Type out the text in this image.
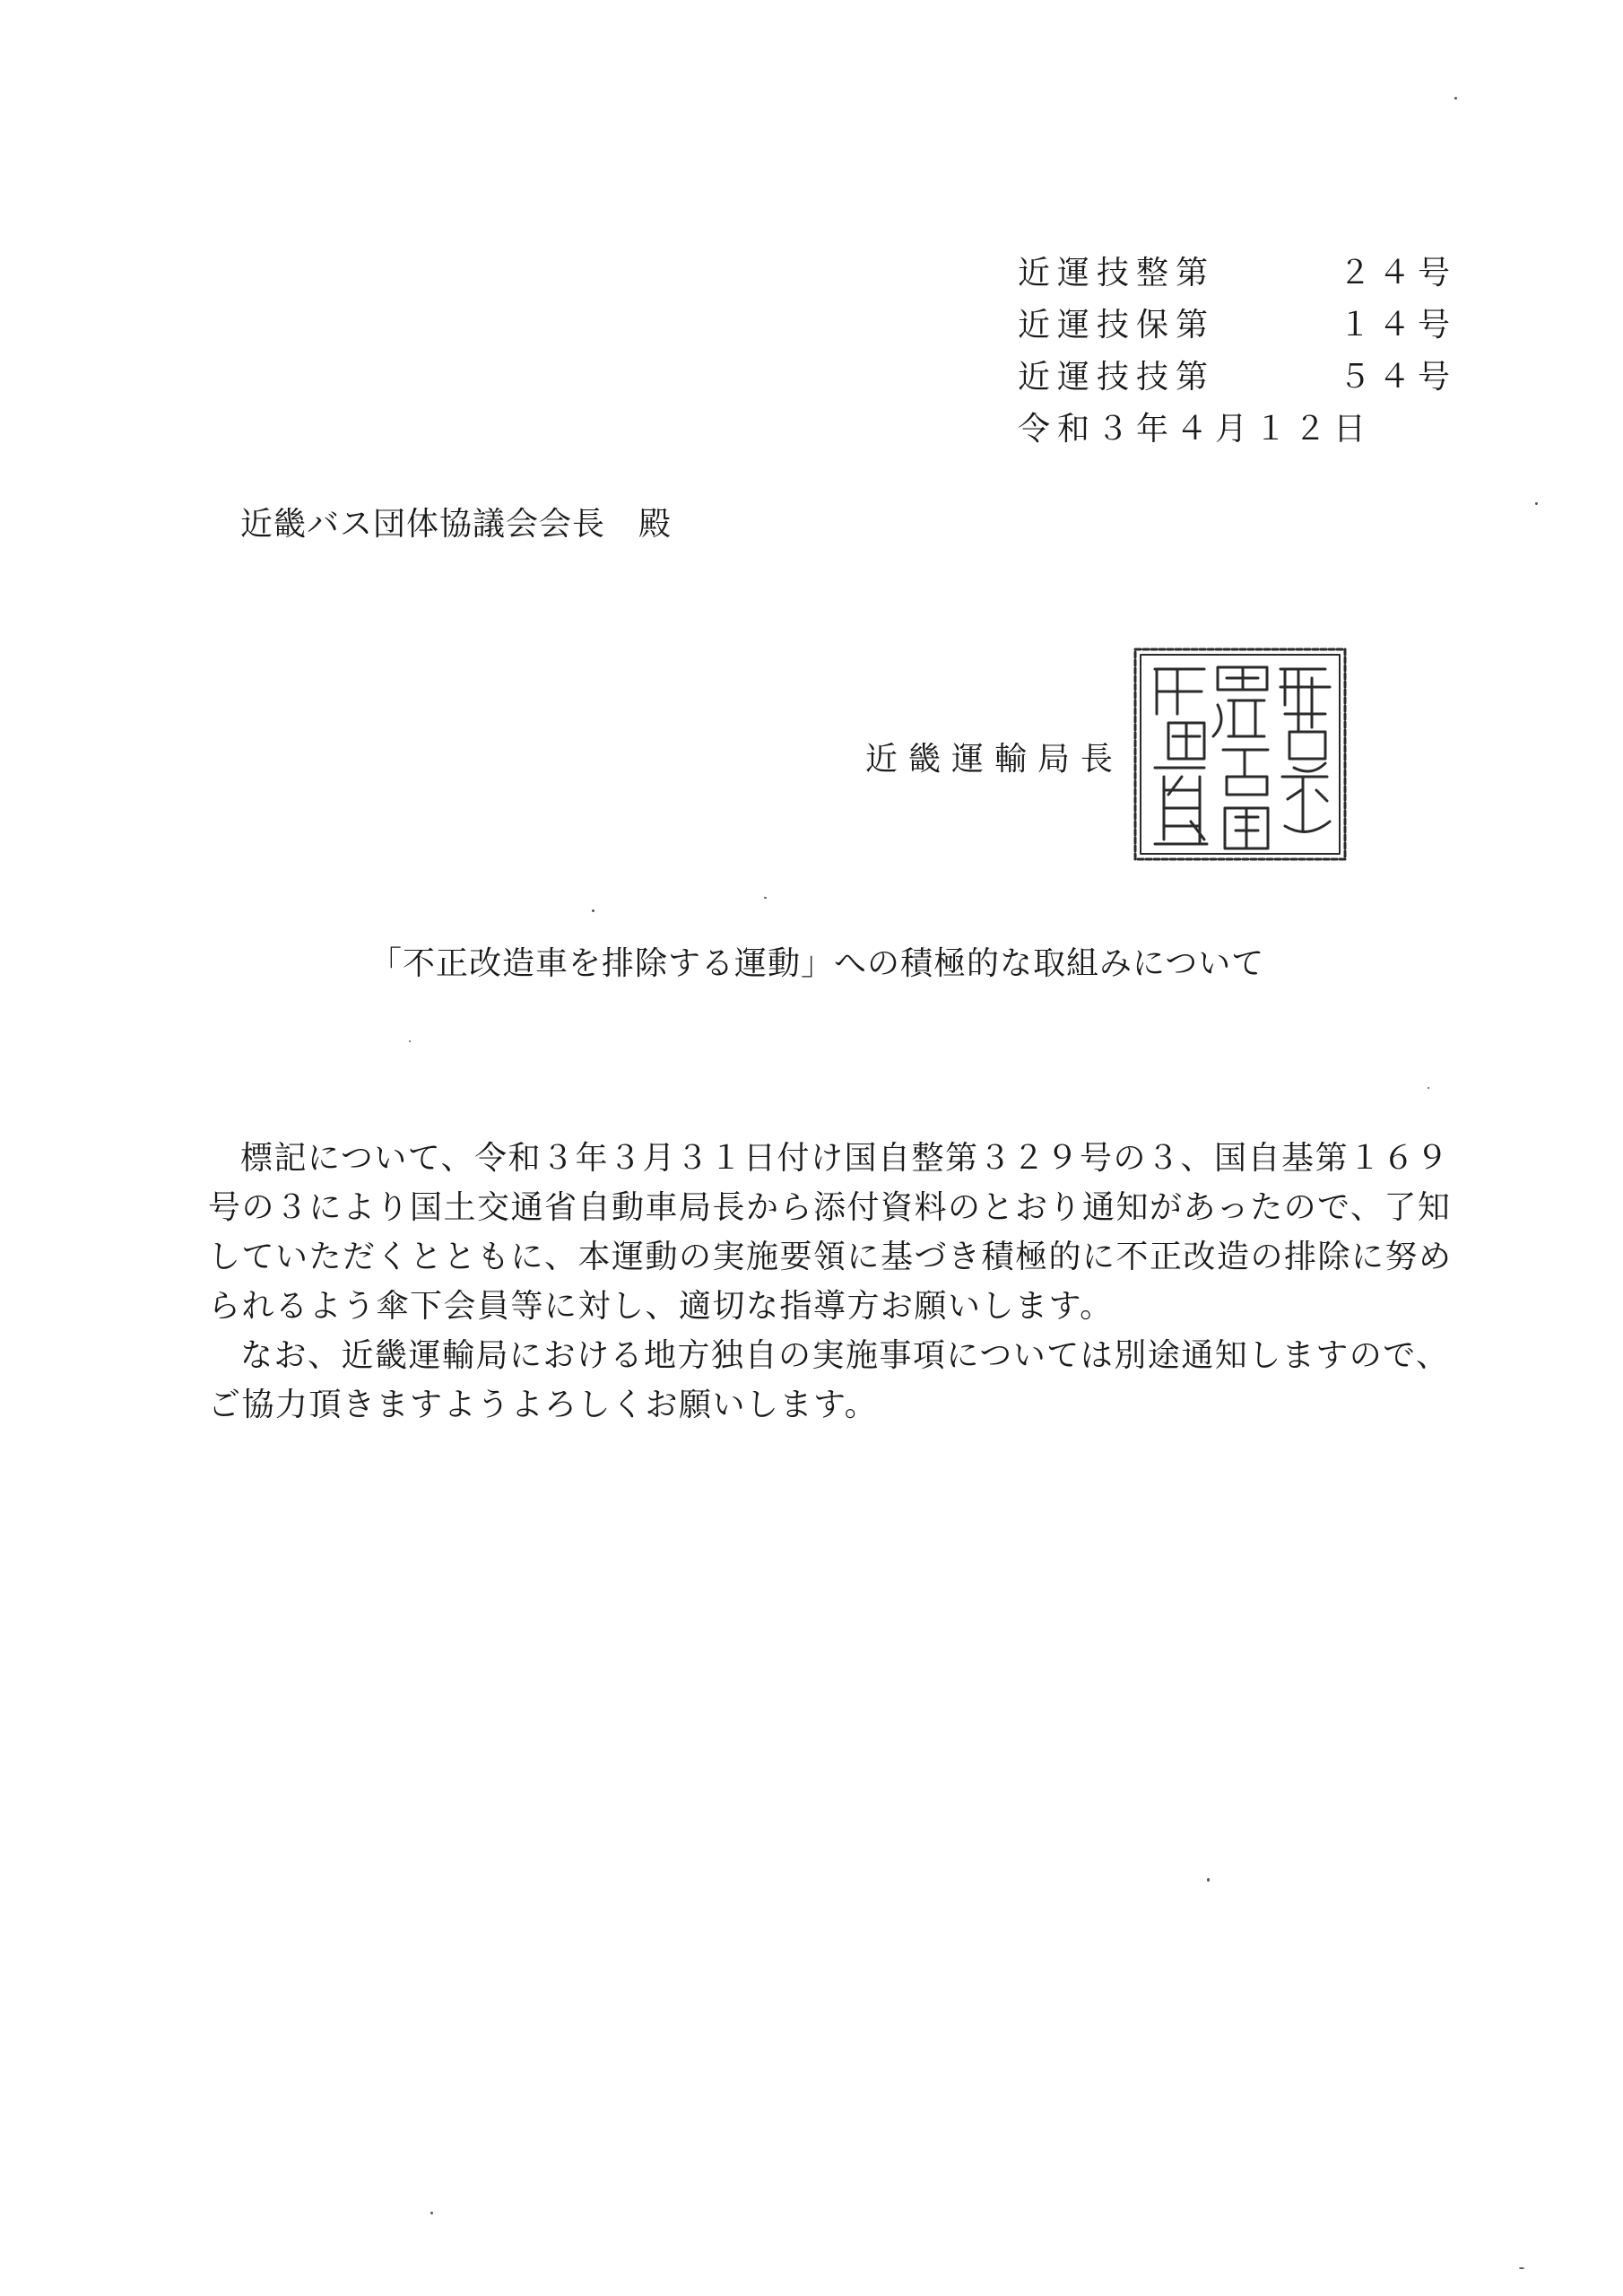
近運技整第	２４号
近運技保第	１４号
近運技技第	５４号
令和３年４月１２日
近畿バス団体協議会会長　殿
近畿運輸局長
「不正改造車を排除する運動」への積極的な取組みについて

標記について、令和３年３月３１日付け国自整第３２９号の３、国自基第１６９号の３により国土交通省自動車局長から添付資料のとおり通知があったので、了知していただくとともに、本運動の実施要領に基づき積極的に不正改造の排除に努められるよう傘下会員等に対し、適切な指導方お願いします。

なお、近畿運輸局における地方独自の実施事項については別途通知しますので、ご協力頂きますようよろしくお願いします。
